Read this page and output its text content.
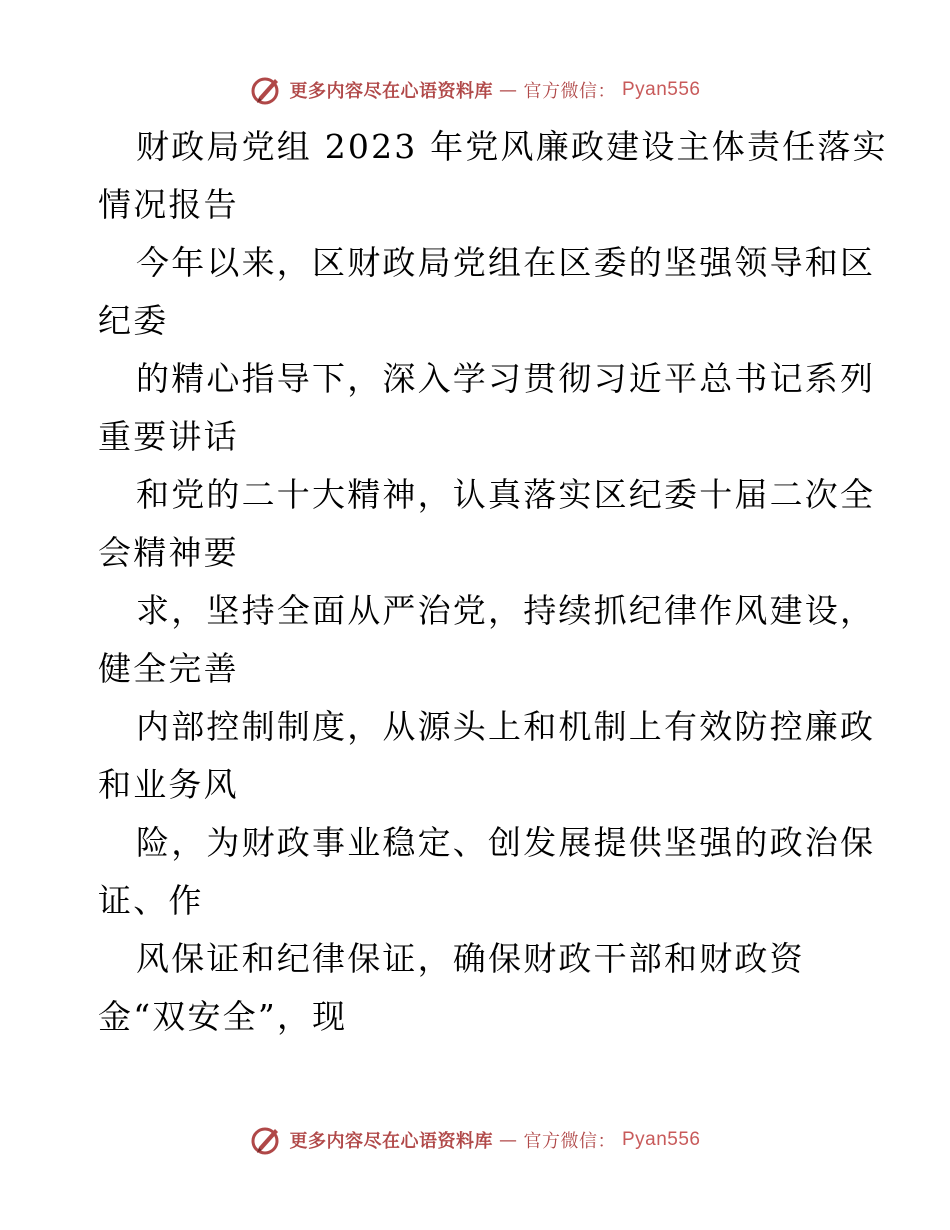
更多内容尽在心语资料库 — 官方微信： Pyan556
财政局党组 2023 年党风廉政建设主体责任落实
情况报告
今年以来，区财政局党组在区委的坚强领导和区
纪委
的精心指导下，深入学习贯彻习近平总书记系列
重要讲话
和党的二十大精神，认真落实区纪委十届二次全
会精神要
求，坚持全面从严治党，持续抓纪律作风建设，
健全完善
内部控制制度，从源头上和机制上有效防控廉政
和业务风
险，为财政事业稳定、创发展提供坚强的政治保
证、作
风保证和纪律保证，确保财政干部和财政资
金“双安全”，现
更多内容尽在心语资料库 — 官方微信： Pyan556
